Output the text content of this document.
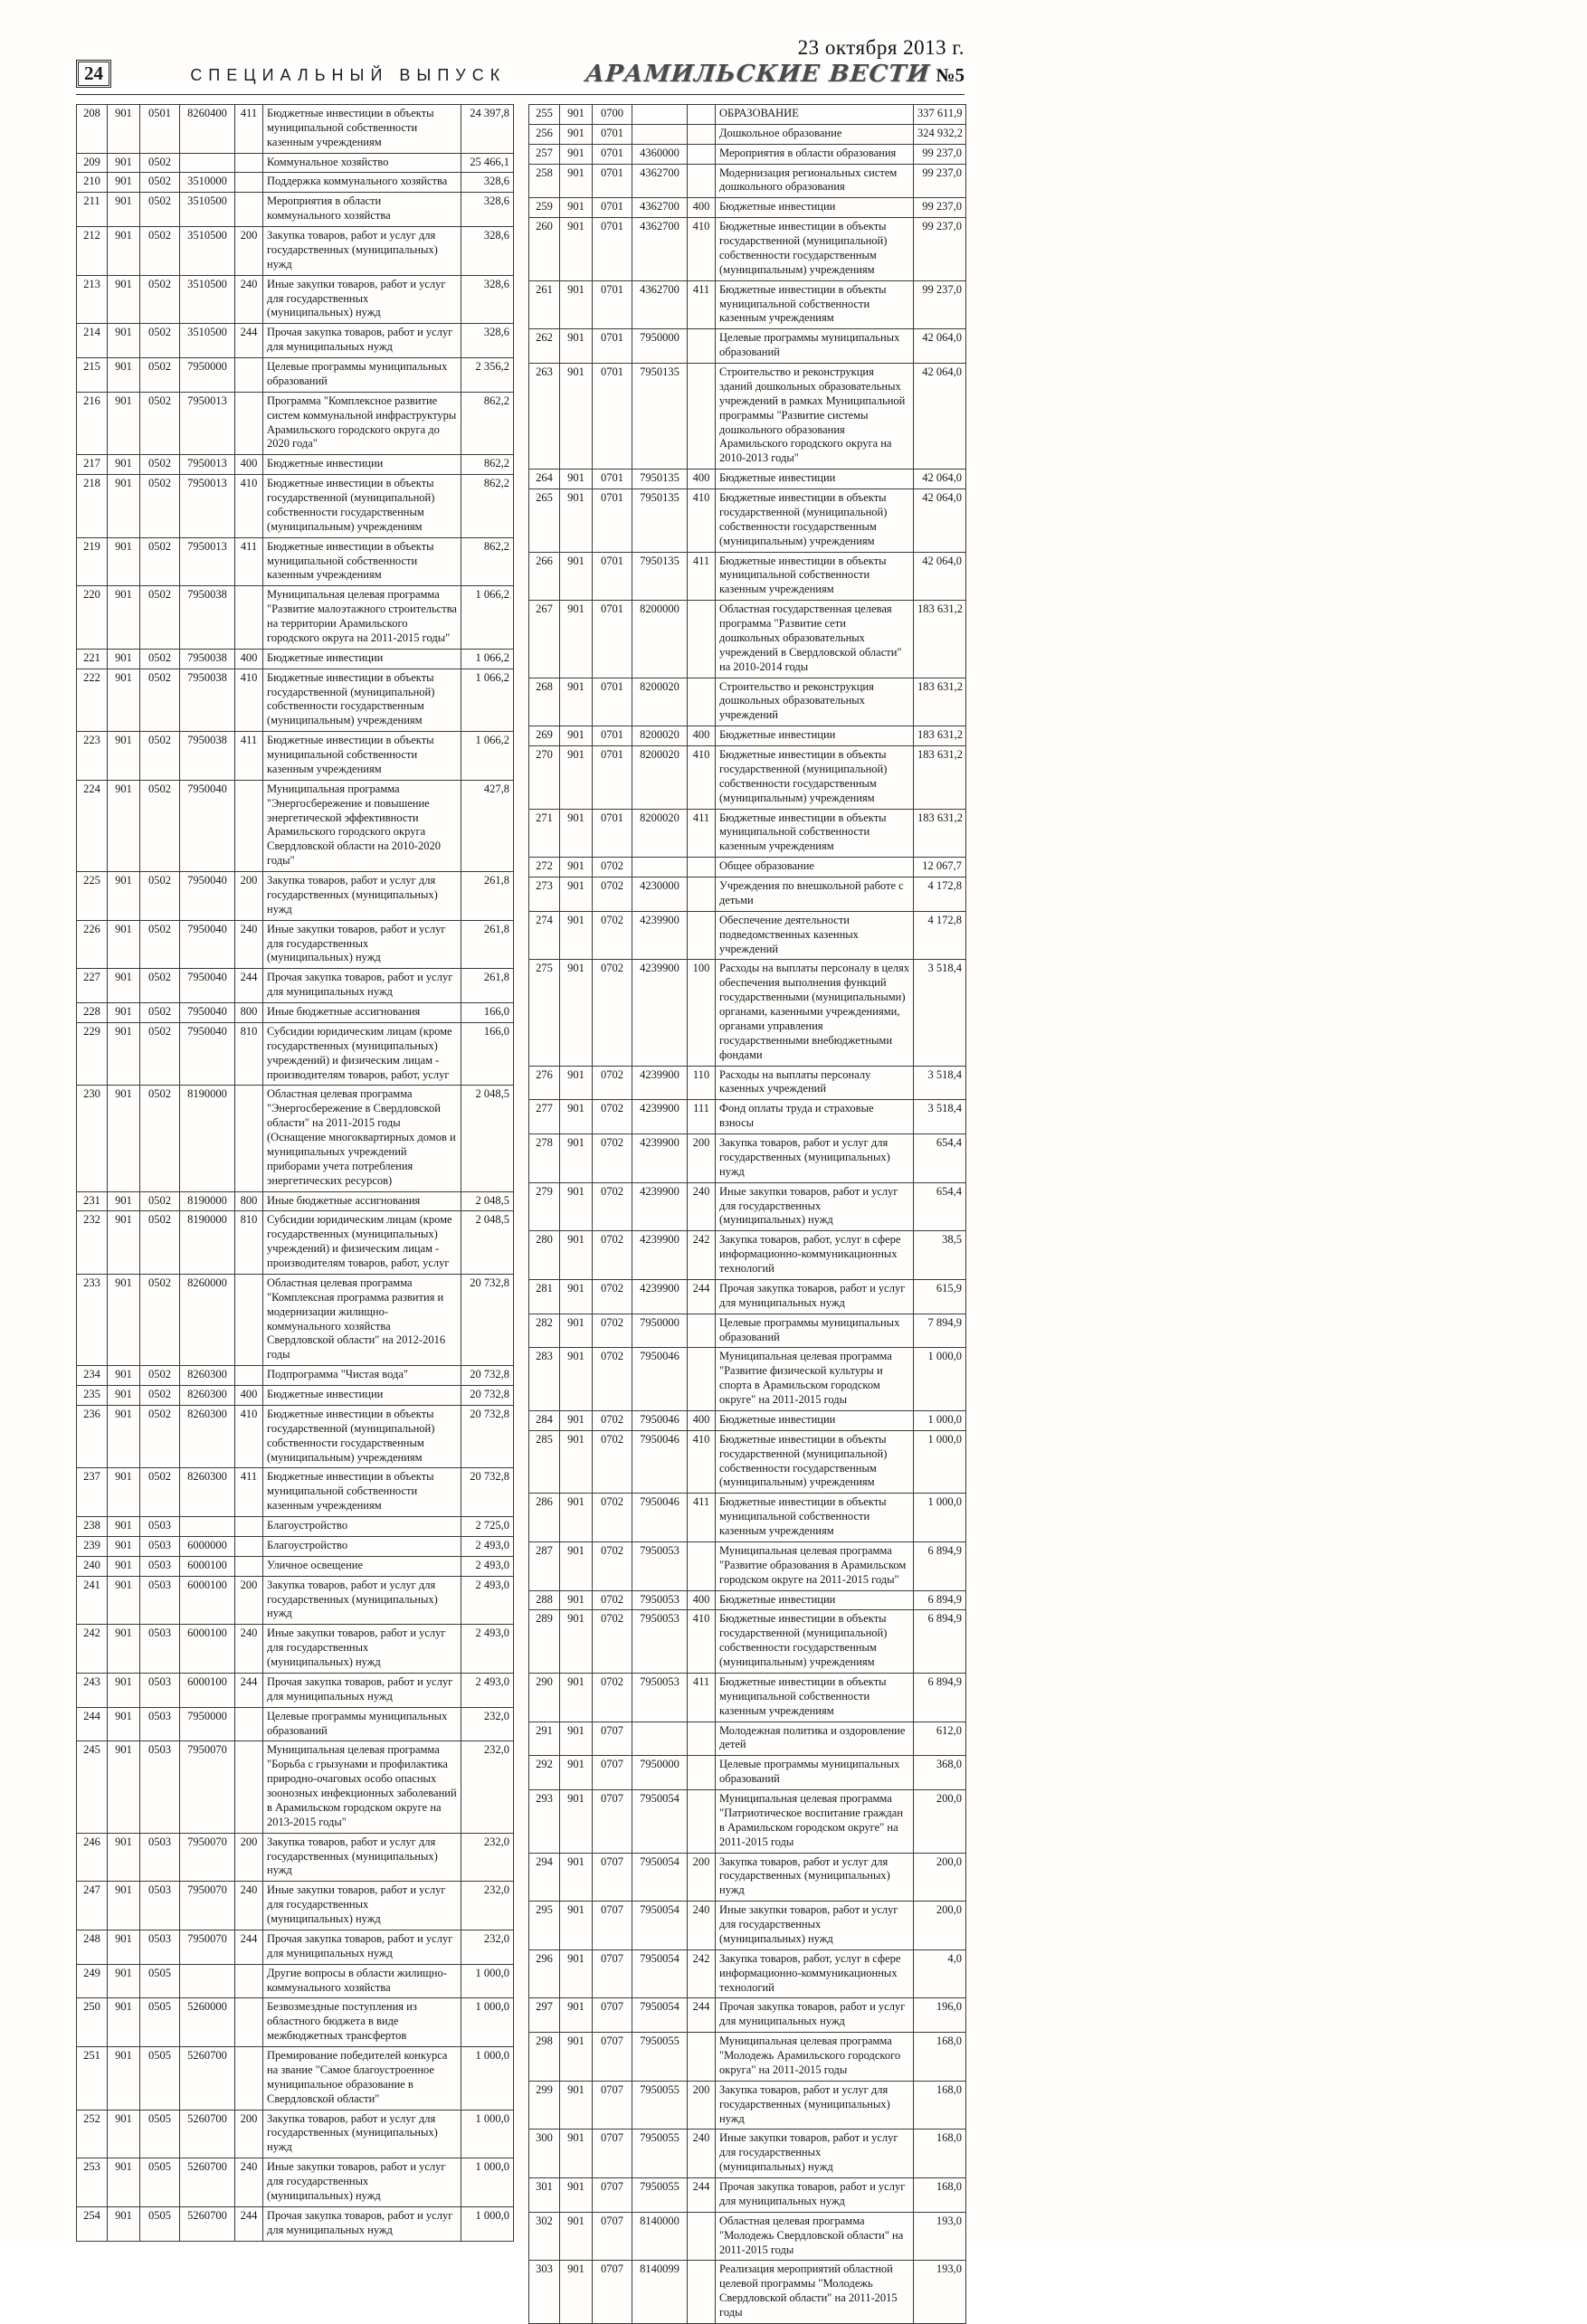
24	СПЕЦИАЛЬНЫЙ ВЫПУСК
23 октября 2013 г.
АРАМИЛЬСКИЕ ВЕСТИ №5
208	901	0501	8260400	411	Бюджетные инвестиции в объекты муниципальной собственности казенным учреждениям	24 397,8
209	901	0502			Коммунальное хозяйство	25 466,1
210	901	0502	3510000		Поддержка коммунального хозяйства	328,6
211	901	0502	3510500		Мероприятия в области коммунального хозяйства	328,6
212	901	0502	3510500	200	Закупка товаров, работ и услуг для государственных (муниципальных) нужд	328,6
213	901	0502	3510500	240	Иные закупки товаров, работ и услуг для государственных (муниципальных) нужд	328,6
214	901	0502	3510500	244	Прочая закупка товаров, работ и услуг для муниципальных нужд	328,6
215	901	0502	7950000		Целевые программы муниципальных образований	2 356,2
216	901	0502	7950013		Программа "Комплексное развитие систем коммунальной инфраструктуры Арамильского городского округа до 2020 года"	862,2
217	901	0502	7950013	400	Бюджетные инвестиции	862,2
218	901	0502	7950013	410	Бюджетные инвестиции в объекты государственной (муниципальной) собственности государственным (муниципальным) учреждениям	862,2
219	901	0502	7950013	411	Бюджетные инвестиции в объекты муниципальной собственности казенным учреждениям	862,2
220	901	0502	7950038		Муниципальная целевая программа "Развитие малоэтажного строительства на территории Арамильского городского округа на 2011-2015 годы"	1 066,2
221	901	0502	7950038	400	Бюджетные инвестиции	1 066,2
222	901	0502	7950038	410	Бюджетные инвестиции в объекты государственной (муниципальной) собственности государственным (муниципальным) учреждениям	1 066,2
223	901	0502	7950038	411	Бюджетные инвестиции в объекты муниципальной собственности казенным учреждениям	1 066,2
224	901	0502	7950040		Муниципальная программа "Энергосбережение и повышение энергетической эффективности Арамильского городского округа Свердловской области на 2010-2020 годы"	427,8
225	901	0502	7950040	200	Закупка товаров, работ и услуг для государственных (муниципальных) нужд	261,8
226	901	0502	7950040	240	Иные закупки товаров, работ и услуг для государственных (муниципальных) нужд	261,8
227	901	0502	7950040	244	Прочая закупка товаров, работ и услуг для муниципальных нужд	261,8
228	901	0502	7950040	800	Иные бюджетные ассигнования	166,0
229	901	0502	7950040	810	Субсидии юридическим лицам (кроме государственных (муниципальных) учреждений) и физическим лицам - производителям товаров, работ, услуг	166,0
230	901	0502	8190000		Областная целевая программа "Энергосбережение в Свердловской области" на 2011-2015 годы (Оснащение многоквартирных домов и муниципальных учреждений приборами учета потребления энергетических ресурсов)	2 048,5
231	901	0502	8190000	800	Иные бюджетные ассигнования	2 048,5
232	901	0502	8190000	810	Субсидии юридическим лицам (кроме государственных (муниципальных) учреждений) и физическим лицам - производителям товаров, работ, услуг	2 048,5
233	901	0502	8260000		Областная целевая программа "Комплексная программа развития и модернизации жилищно-коммунального хозяйства Свердловской области" на 2012-2016 годы	20 732,8
234	901	0502	8260300		Подпрограмма "Чистая вода"	20 732,8
235	901	0502	8260300	400	Бюджетные инвестиции	20 732,8
236	901	0502	8260300	410	Бюджетные инвестиции в объекты государственной (муниципальной) собственности государственным (муниципальным) учреждениям	20 732,8
237	901	0502	8260300	411	Бюджетные инвестиции в объекты муниципальной собственности казенным учреждениям	20 732,8
238	901	0503			Благоустройство	2 725,0
239	901	0503	6000000		Благоустройство	2 493,0
240	901	0503	6000100		Уличное освещение	2 493,0
241	901	0503	6000100	200	Закупка товаров, работ и услуг для государственных (муниципальных) нужд	2 493,0
242	901	0503	6000100	240	Иные закупки товаров, работ и услуг для государственных (муниципальных) нужд	2 493,0
243	901	0503	6000100	244	Прочая закупка товаров, работ и услуг для муниципальных нужд	2 493,0
244	901	0503	7950000		Целевые программы муниципальных образований	232,0
245	901	0503	7950070		Муниципальная целевая программа "Борьба с грызунами и профилактика природно-очаговых особо опасных зоонозных инфекционных заболеваний в Арамильском городском округе на 2013-2015 годы"	232,0
246	901	0503	7950070	200	Закупка товаров, работ и услуг для государственных (муниципальных) нужд	232,0
247	901	0503	7950070	240	Иные закупки товаров, работ и услуг для государственных (муниципальных) нужд	232,0
248	901	0503	7950070	244	Прочая закупка товаров, работ и услуг для муниципальных нужд	232,0
249	901	0505			Другие вопросы в области жилищно-коммунального хозяйства	1 000,0
250	901	0505	5260000		Безвозмездные поступления из областного бюджета в виде межбюджетных трансфертов	1 000,0
251	901	0505	5260700		Премирование победителей конкурса на звание "Самое благоустроенное муниципальное образование в Свердловской области"	1 000,0
252	901	0505	5260700	200	Закупка товаров, работ и услуг для государственных (муниципальных) нужд	1 000,0
253	901	0505	5260700	240	Иные закупки товаров, работ и услуг для государственных (муниципальных) нужд	1 000,0
254	901	0505	5260700	244	Прочая закупка товаров, работ и услуг для муниципальных нужд	1 000,0
255	901	0700			ОБРАЗОВАНИЕ	337 611,9
256	901	0701			Дошкольное образование	324 932,2
257	901	0701	4360000		Мероприятия в области образования	99 237,0
258	901	0701	4362700		Модернизация региональных систем дошкольного образования	99 237,0
259	901	0701	4362700	400	Бюджетные инвестиции	99 237,0
260	901	0701	4362700	410	Бюджетные инвестиции в объекты государственной (муниципальной) собственности государственным (муниципальным) учреждениям	99 237,0
261	901	0701	4362700	411	Бюджетные инвестиции в объекты муниципальной собственности казенным учреждениям	99 237,0
262	901	0701	7950000		Целевые программы муниципальных образований	42 064,0
263	901	0701	7950135		Строительство и реконструкция зданий дошкольных образовательных учреждений в рамках Муниципальной программы "Развитие системы дошкольного образования Арамильского городского округа на 2010-2013 годы"	42 064,0
264	901	0701	7950135	400	Бюджетные инвестиции	42 064,0
265	901	0701	7950135	410	Бюджетные инвестиции в объекты государственной (муниципальной) собственности государственным (муниципальным) учреждениям	42 064,0
266	901	0701	7950135	411	Бюджетные инвестиции в объекты муниципальной собственности казенным учреждениям	42 064,0
267	901	0701	8200000		Областная государственная целевая программа "Развитие сети дошкольных образовательных учреждений в Свердловской области" на 2010-2014 годы	183 631,2
268	901	0701	8200020		Строительство и реконструкция дошкольных образовательных учреждений	183 631,2
269	901	0701	8200020	400	Бюджетные инвестиции	183 631,2
270	901	0701	8200020	410	Бюджетные инвестиции в объекты государственной (муниципальной) собственности государственным (муниципальным) учреждениям	183 631,2
271	901	0701	8200020	411	Бюджетные инвестиции в объекты муниципальной собственности казенным учреждениям	183 631,2
272	901	0702			Общее образование	12 067,7
273	901	0702	4230000		Учреждения по внешкольной работе с детьми	4 172,8
274	901	0702	4239900		Обеспечение деятельности подведомственных казенных учреждений	4 172,8
275	901	0702	4239900	100	Расходы на выплаты персоналу в целях обеспечения выполнения функций государственными (муниципальными) органами, казенными учреждениями, органами управления государственными внебюджетными фондами	3 518,4
276	901	0702	4239900	110	Расходы на выплаты персоналу казенных учреждений	3 518,4
277	901	0702	4239900	111	Фонд оплаты труда и страховые взносы	3 518,4
278	901	0702	4239900	200	Закупка товаров, работ и услуг для государственных (муниципальных) нужд	654,4
279	901	0702	4239900	240	Иные закупки товаров, работ и услуг для государственных (муниципальных) нужд	654,4
280	901	0702	4239900	242	Закупка товаров, работ, услуг в сфере информационно-коммуникационных технологий	38,5
281	901	0702	4239900	244	Прочая закупка товаров, работ и услуг для муниципальных нужд	615,9
282	901	0702	7950000		Целевые программы муниципальных образований	7 894,9
283	901	0702	7950046		Муниципальная целевая программа "Развитие физической культуры и спорта в Арамильском городском округе" на 2011-2015 годы	1 000,0
284	901	0702	7950046	400	Бюджетные инвестиции	1 000,0
285	901	0702	7950046	410	Бюджетные инвестиции в объекты государственной (муниципальной) собственности государственным (муниципальным) учреждениям	1 000,0
286	901	0702	7950046	411	Бюджетные инвестиции в объекты муниципальной собственности казенным учреждениям	1 000,0
287	901	0702	7950053		Муниципальная целевая программа "Развитие образования в Арамильском городском округе на 2011-2015 годы"	6 894,9
288	901	0702	7950053	400	Бюджетные инвестиции	6 894,9
289	901	0702	7950053	410	Бюджетные инвестиции в объекты государственной (муниципальной) собственности государственным (муниципальным) учреждениям	6 894,9
290	901	0702	7950053	411	Бюджетные инвестиции в объекты муниципальной собственности казенным учреждениям	6 894,9
291	901	0707			Молодежная политика и оздоровление детей	612,0
292	901	0707	7950000		Целевые программы муниципальных образований	368,0
293	901	0707	7950054		Муниципальная целевая программа "Патриотическое воспитание граждан в Арамильском городском округе" на 2011-2015 годы	200,0
294	901	0707	7950054	200	Закупка товаров, работ и услуг для государственных (муниципальных) нужд	200,0
295	901	0707	7950054	240	Иные закупки товаров, работ и услуг для государственных (муниципальных) нужд	200,0
296	901	0707	7950054	242	Закупка товаров, работ, услуг в сфере информационно-коммуникационных технологий	4,0
297	901	0707	7950054	244	Прочая закупка товаров, работ и услуг для муниципальных нужд	196,0
298	901	0707	7950055		Муниципальная целевая программа "Молодежь Арамильского городского округа" на 2011-2015 годы	168,0
299	901	0707	7950055	200	Закупка товаров, работ и услуг для государственных (муниципальных) нужд	168,0
300	901	0707	7950055	240	Иные закупки товаров, работ и услуг для государственных (муниципальных) нужд	168,0
301	901	0707	7950055	244	Прочая закупка товаров, работ и услуг для муниципальных нужд	168,0
302	901	0707	8140000		Областная целевая программа "Молодежь Свердловской области" на 2011-2015 годы	193,0
303	901	0707	8140099		Реализация мероприятий областной целевой программы "Молодежь Свердловской области" на 2011-2015 годы	193,0
